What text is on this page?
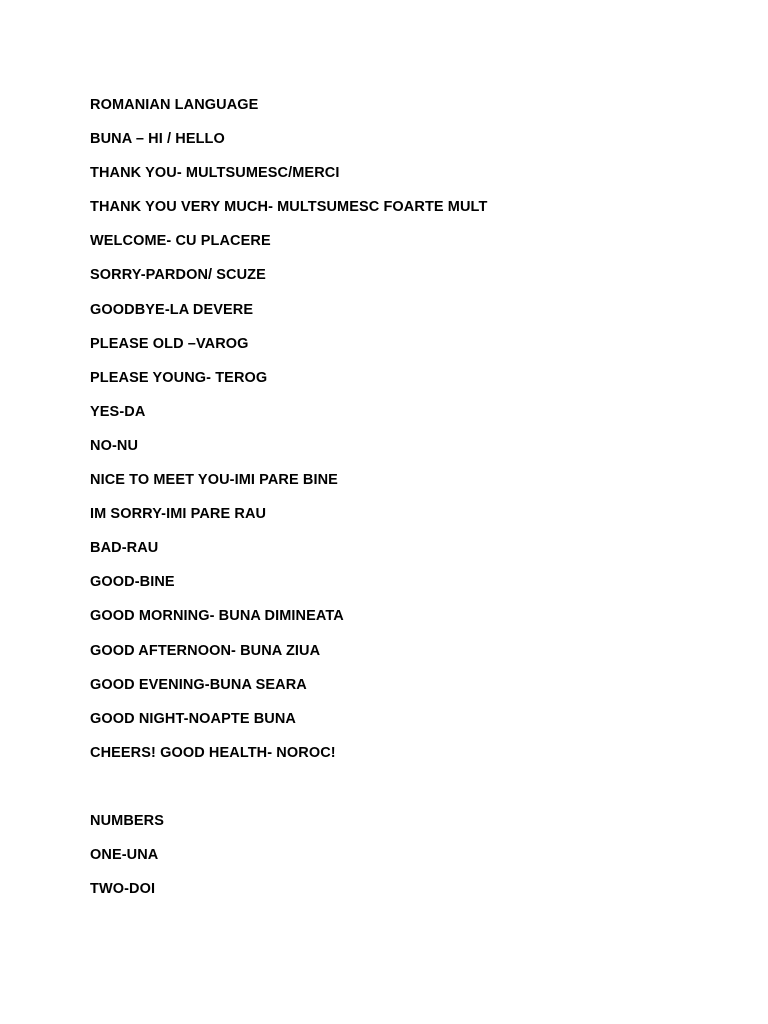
ROMANIAN LANGUAGE
BUNA – HI / HELLO
THANK YOU- MULTSUMESC/MERCI
THANK YOU VERY MUCH- MULTSUMESC FOARTE MULT
WELCOME- CU PLACERE
SORRY-PARDON/ SCUZE
GOODBYE-LA DEVERE
PLEASE OLD –VAROG
PLEASE YOUNG- TEROG
YES-DA
NO-NU
NICE TO MEET YOU-IMI PARE BINE
IM SORRY-IMI PARE RAU
BAD-RAU
GOOD-BINE
GOOD MORNING- BUNA DIMINEATA
GOOD AFTERNOON- BUNA ZIUA
GOOD EVENING-BUNA SEARA
GOOD NIGHT-NOAPTE BUNA
CHEERS! GOOD HEALTH- NOROC!
NUMBERS
ONE-UNA
TWO-DOI
